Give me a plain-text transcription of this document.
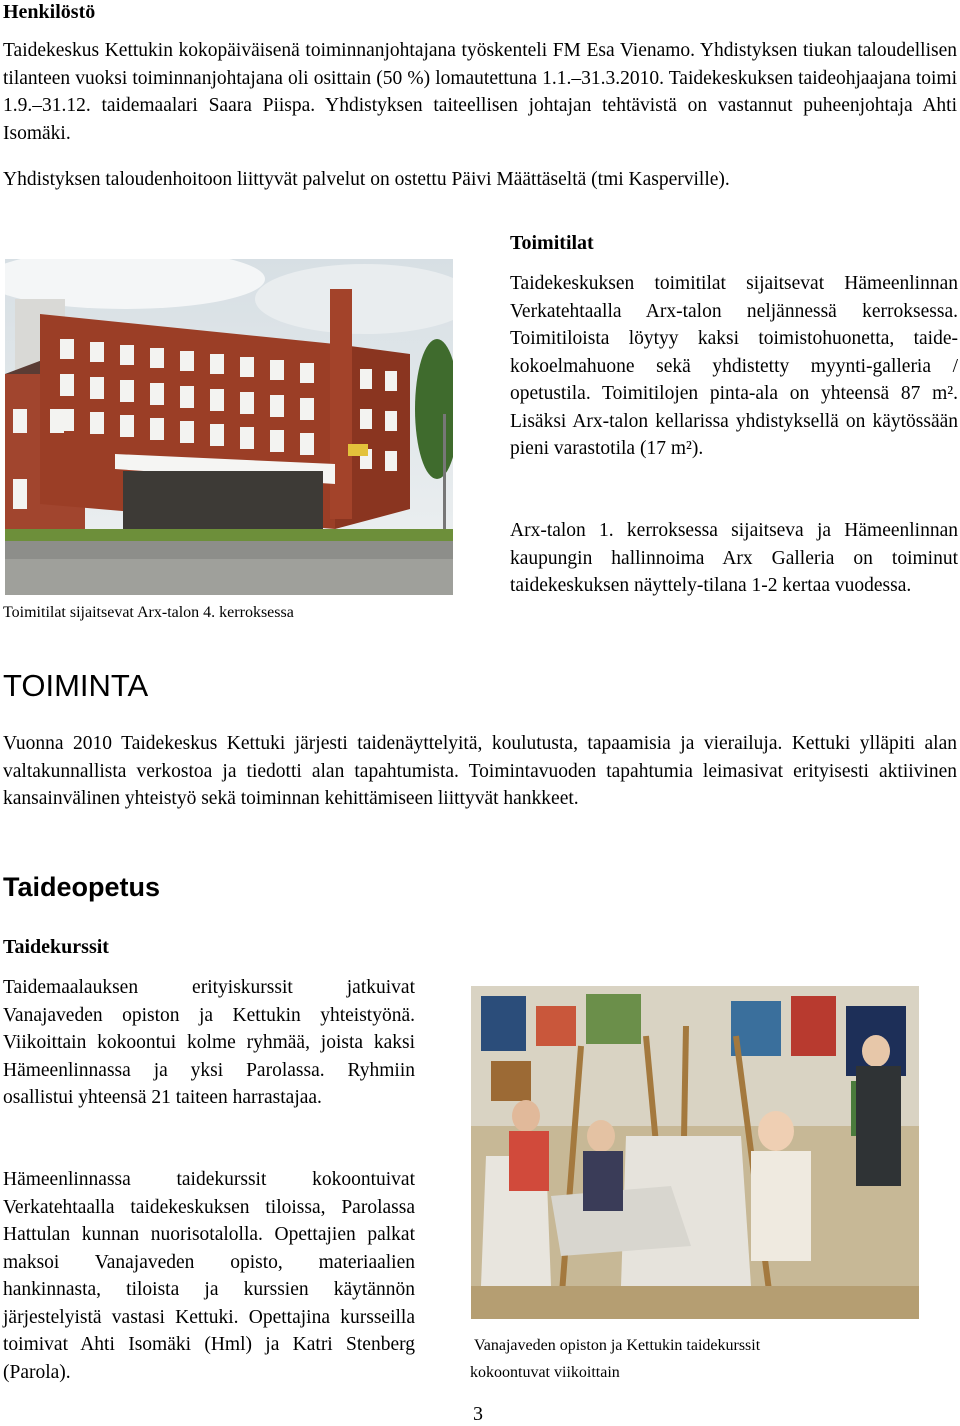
Henkilöstö

Taidekeskus Kettukin kokopäiväisenä toiminnanjohtajana työskenteli FM Esa Vienamo. Yhdistyksen tiukan taloudellisen tilanteen vuoksi toiminnanjohtajana oli osittain (50 %) lomautettuna 1.1.–31.3.2010. Taidekeskuksen taideohjaajana toimi 1.9.–31.12. taidemaalari Saara Piispa. Yhdistyksen taiteellisen johtajan tehtävistä on vastannut puheenjohtaja Ahti Isomäki.

Yhdistyksen taloudenhoitoon liittyvät palvelut on ostettu Päivi Määttäseltä (tmi Kasperville).

Toimitilat sijaitsevat Arx-talon 4. kerroksessa

Toimitilat

Taidekeskuksen toimitilat sijaitsevat Hämeenlinnan Verkatehtaalla Arx-talon neljännessä kerroksessa. Toimitiloista löytyy kaksi toimistohuonetta, taide-kokoelmahuone sekä yhdistetty myynti-galleria / opetustila. Toimitilojen pinta-ala on yhteensä 87 m². Lisäksi Arx-talon kellarissa yhdistyksellä on käytössään pieni varastotila (17 m²).

Arx-talon 1. kerroksessa sijaitseva ja Hämeenlinnan kaupungin hallinnoima Arx Galleria on toiminut taidekeskuksen näyttely-tilana 1-2 kertaa vuodessa.

TOIMINTA

Vuonna 2010 Taidekeskus Kettuki järjesti taidenäyttelyitä, koulutusta, tapaamisia ja vierailuja. Kettuki ylläpiti alan valtakunnallista verkostoa ja tiedotti alan tapahtumista. Toimintavuoden tapahtumia leimasivat erityisesti aktiivinen kansainvälinen yhteistyö sekä toiminnan kehittämiseen liittyvät hankkeet.

Taideopetus
Taidekurssit

Taidemaalauksen erityiskurssit jatkuivat Vanajaveden opiston ja Kettukin yhteistyönä. Viikoittain kokoontui kolme ryhmää, joista kaksi Hämeenlinnassa ja yksi Parolassa. Ryhmiin osallistui yhteensä 21 taiteen harrastajaa.

Hämeenlinnassa taidekurssit kokoontuivat Verkatehtaalla taidekeskuksen tiloissa, Parolassa Hattulan kunnan nuorisotalolla. Opettajien palkat maksoi Vanajaveden opisto, materiaalien hankinnasta, tiloista ja kurssien käytännön järjestelyistä vastasi Kettuki. Opettajina kursseilla toimivat Ahti Isomäki (Hml) ja Katri Stenberg (Parola).

Vanajaveden opiston ja Kettukin taidekurssit

kokoontuvat viikoittain

3
